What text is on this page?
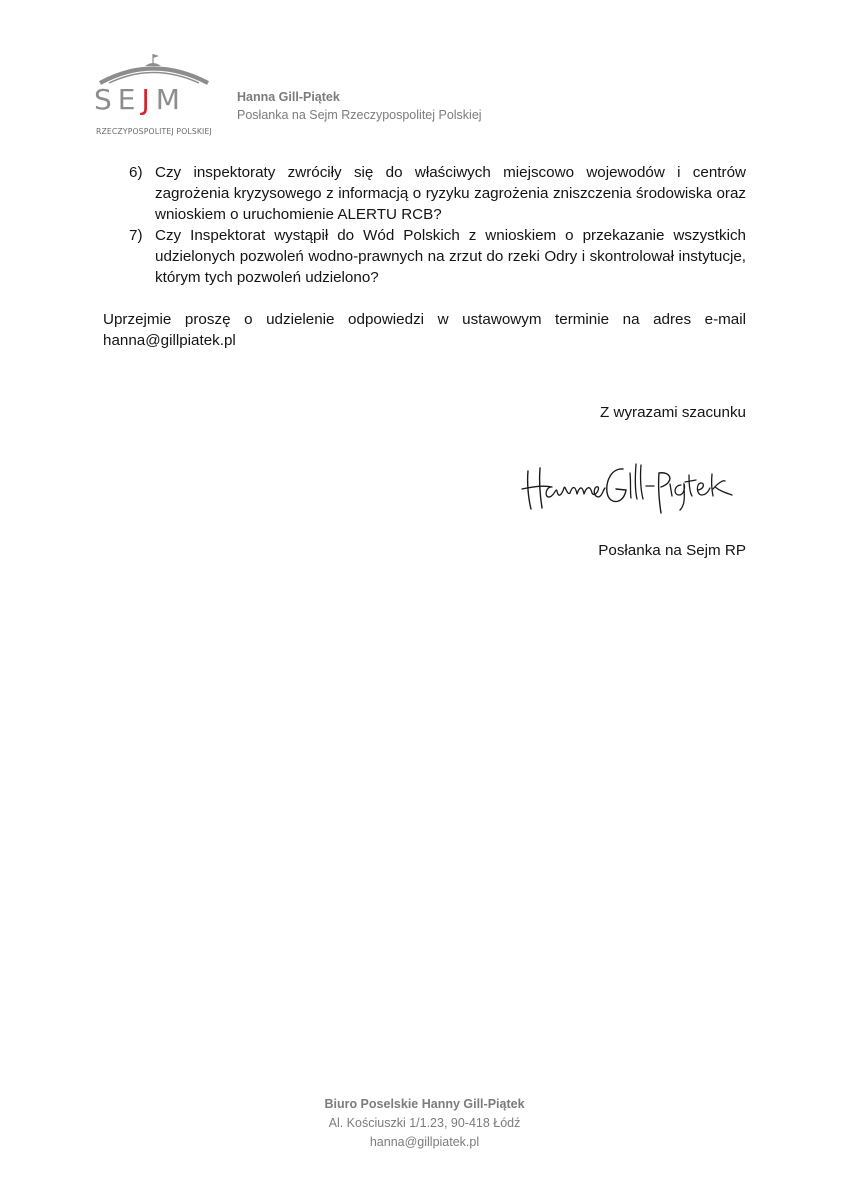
SEJM
RZECZYPOSPOLITEJ POLSKIEJ
Hanna Gill-Piątek
Posłanka na Sejm Rzeczypospolitej Polskiej
6) Czy inspektoraty zwróciły się do właściwych miejscowo wojewodów i centrów zagrożenia kryzysowego z informacją o ryzyku zagrożenia zniszczenia środowiska oraz wnioskiem o uruchomienie ALERTU RCB?
7) Czy Inspektorat wystąpił do Wód Polskich z wnioskiem o przekazanie wszystkich udzielonych pozwoleń wodno-prawnych na zrzut do rzeki Odry i skontrolował instytucje, którym tych pozwoleń udzielono?

Uprzejmie proszę o udzielenie odpowiedzi w ustawowym terminie na adres e-mail hanna@gillpiatek.pl

Z wyrazami szacunku
Posłanka na Sejm RP
Biuro Poselskie Hanny Gill-Piątek
Al. Kościuszki 1/1.23, 90-418 Łódź
hanna@gillpiatek.pl
